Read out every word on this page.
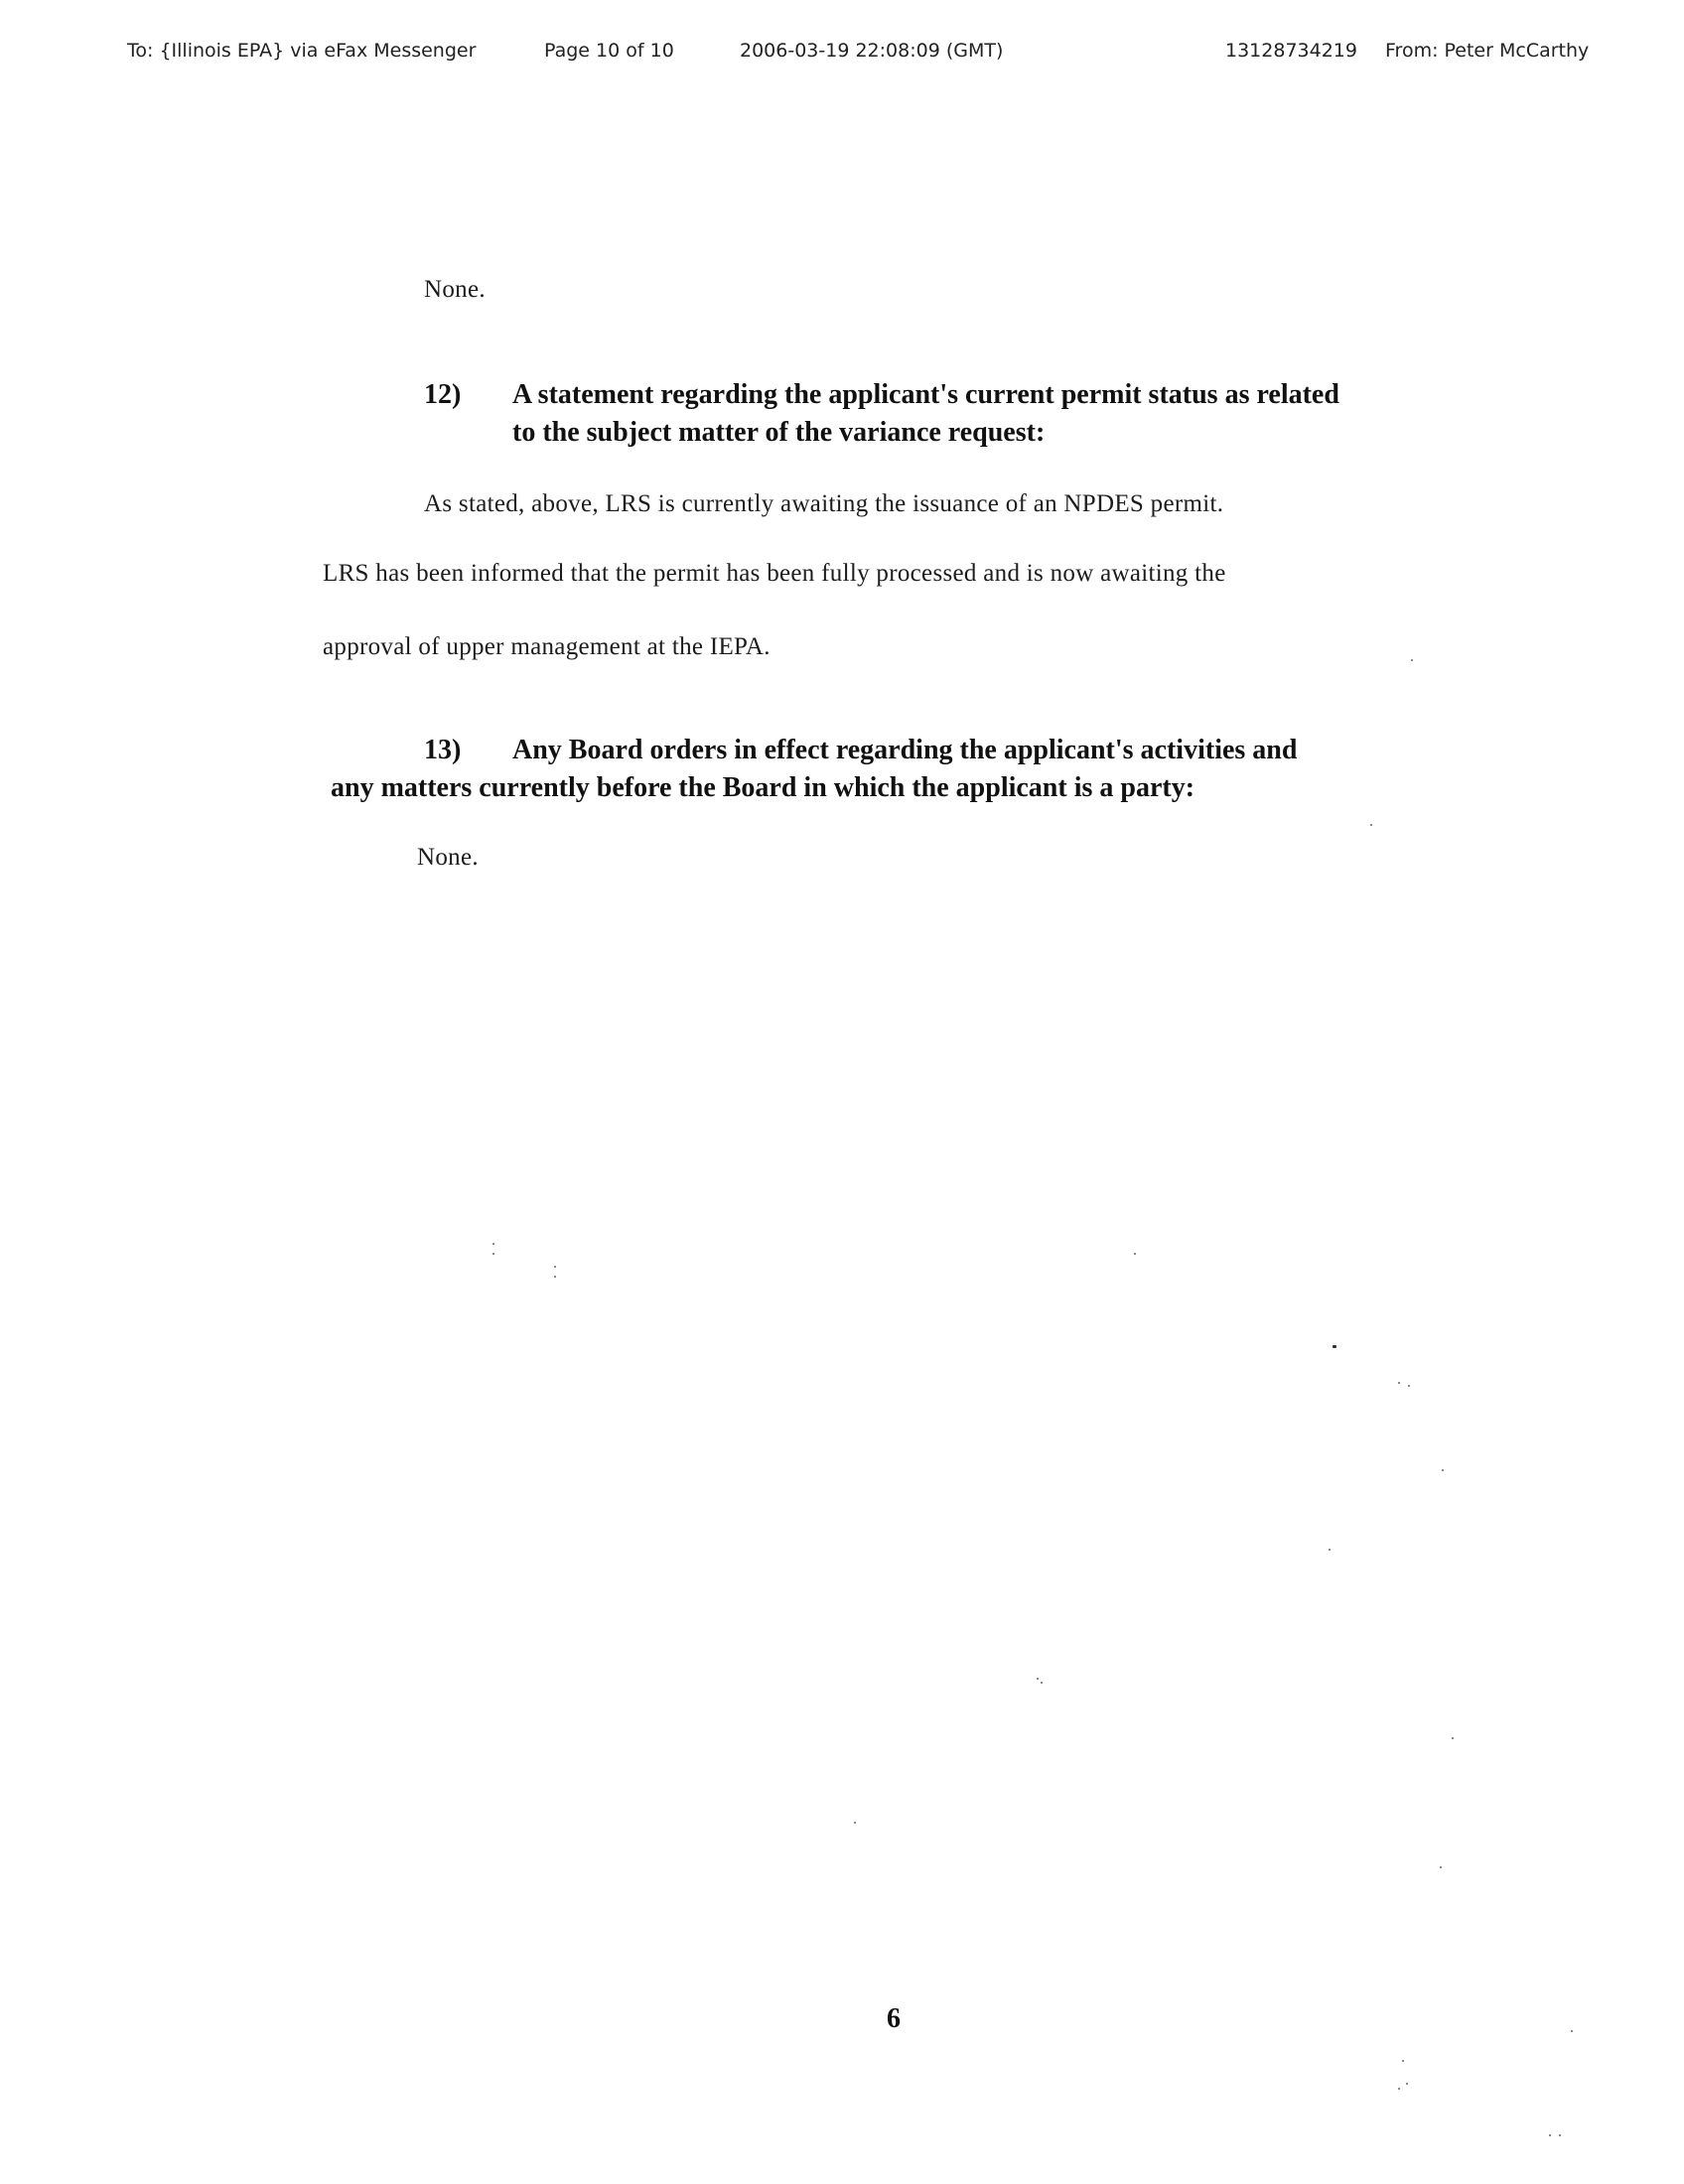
To: {Illinois EPA} via eFax Messenger	Page 10 of 10	2006-03-19 22:08:09 (GMT)	13128734219 From: Peter McCarthy
None.
12) A statement regarding the applicant's current permit status as related
to the subject matter of the variance request:
As stated, above, LRS is currently awaiting the issuance of an NPDES permit.
LRS has been informed that the permit has been fully processed and is now awaiting the
approval of upper management at the IEPA.
13) Any Board orders in effect regarding the applicant's activities and
any matters currently before the Board in which the applicant is a party:
None.
6
